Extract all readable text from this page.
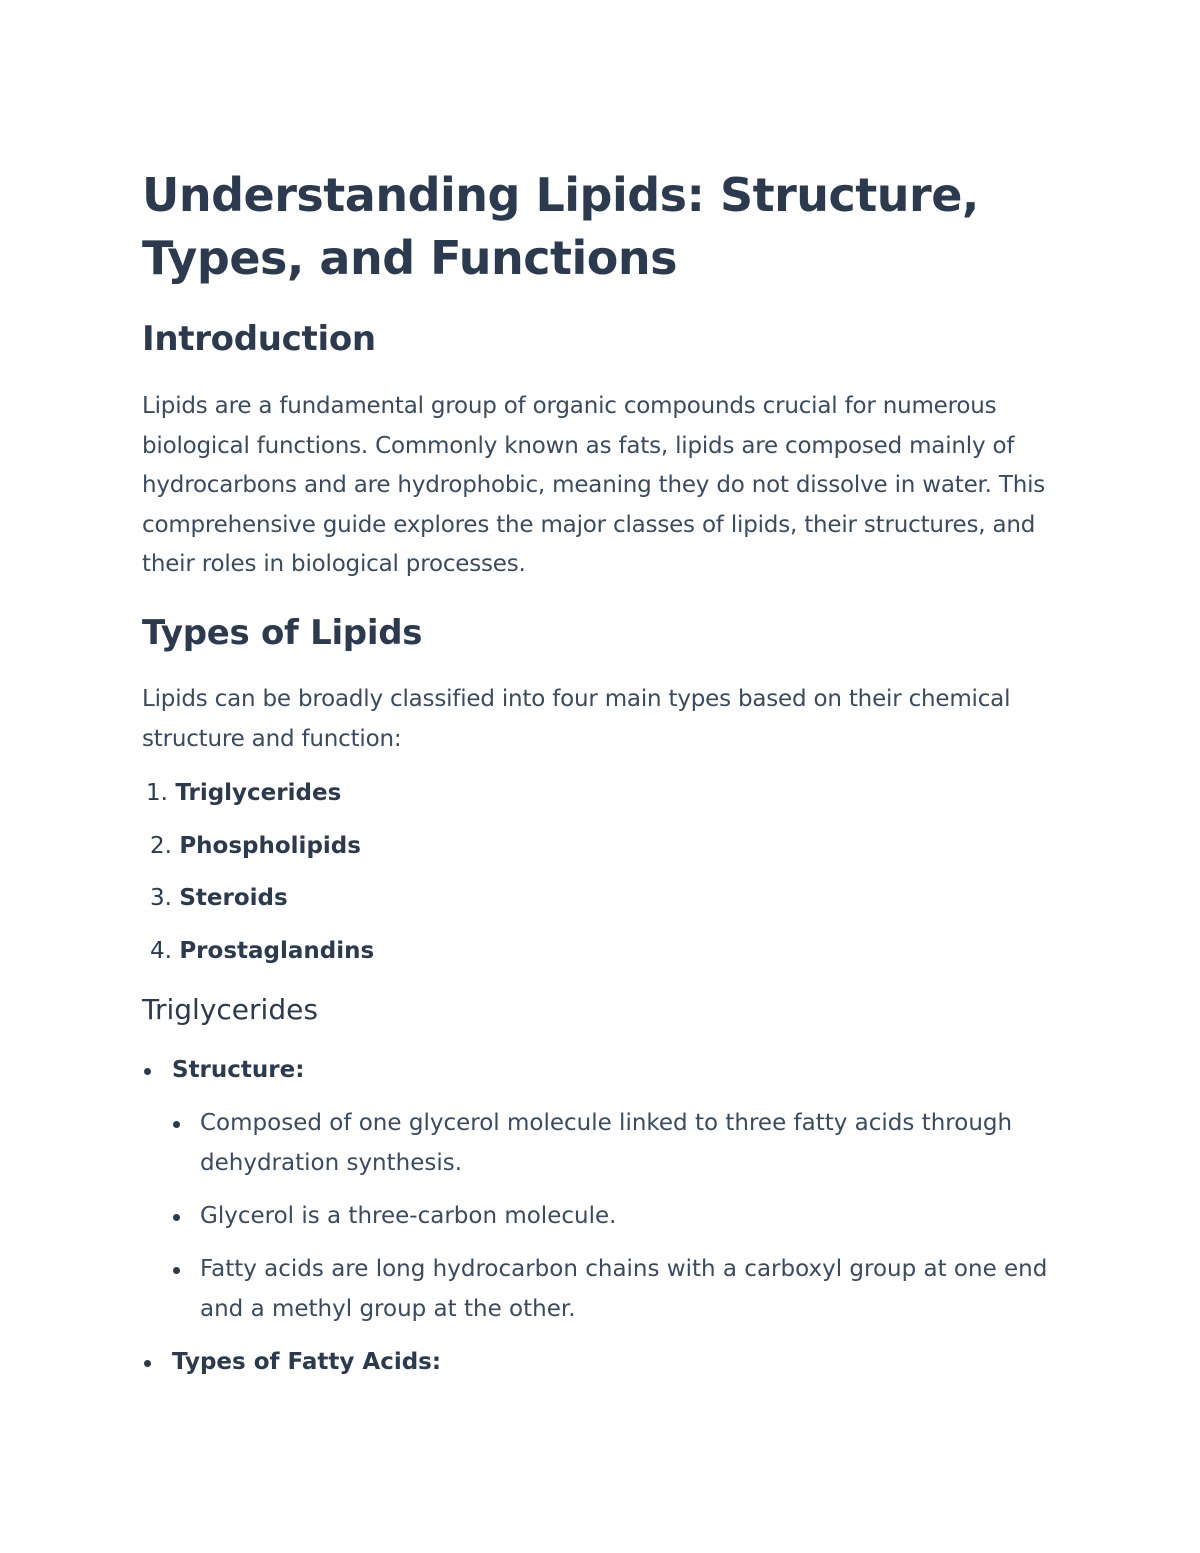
Understanding Lipids: Structure, Types, and Functions
Introduction

Lipids are a fundamental group of organic compounds crucial for numerous biological functions. Commonly known as fats, lipids are composed mainly of hydrocarbons and are hydrophobic, meaning they do not dissolve in water. This comprehensive guide explores the major classes of lipids, their structures, and their roles in biological processes.

Types of Lipids

Lipids can be broadly classified into four main types based on their chemical structure and function:

1. Triglycerides
2. Phospholipids
3. Steroids
4. Prostaglandins
Triglycerides
Structure:
Composed of one glycerol molecule linked to three fatty acids through dehydration synthesis.
Glycerol is a three-carbon molecule.
Fatty acids are long hydrocarbon chains with a carboxyl group at one end and a methyl group at the other.
Types of Fatty Acids:
